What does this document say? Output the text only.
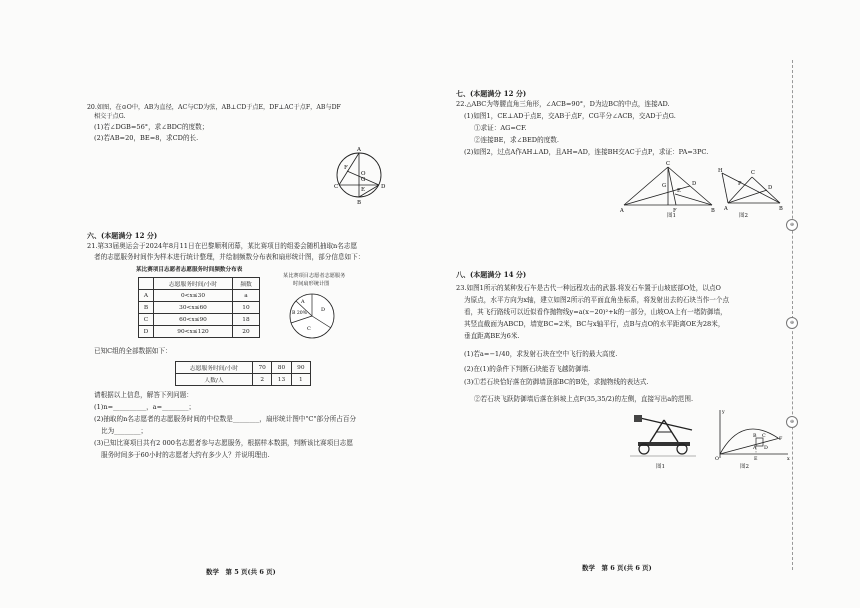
20.如图，在⊙O中，AB为直径，AC与CD为弦，AB⊥CD于点E，DF⊥AC于点F，AB与DF
相交于点G.
(1)若∠DGB=56°，求∠BDC的度数；
(2)若AB=20，BE=8，求CD的长.
C
F
A
O
G
E	D
B
六、(本题满分 12 分)
21.第33届奥运会于2024年8月11日在巴黎顺利闭幕，某比赛项目的组委会随机抽取n名志愿
者的志愿服务时间作为样本进行统计整理，并绘制频数分布表和扇形统计图，部分信息如下：
某比赛项目志愿者志愿服务时间频数分布表
	志愿服务时间/小时	频数
A	0<x≤30	a
B	30<x≤60	10
C	60<x≤90	18
D	90<x≤120	20
某比赛项目志愿者志愿服务
时间扇形统计图
A
B 20%
D
C
已知C组的全部数据如下：
志愿服务时间/小时	70	80	90
人数/人	2	13	1
请根据以上信息，解答下列问题：
(1)n=__________，a=________；
(2)抽取的n名志愿者的志愿服务时间的中位数是________，扇形统计图中"C"部分所占百分
比为________；
(3)已知比赛项目共有2 000名志愿者参与志愿服务，根据样本数据，判断该比赛项目志愿
服务时间多于60小时的志愿者大约有多少人？并说明理由.
数学　第 5 页(共 6 页)
七、(本题满分 12 分)
22.△ABC为等腰直角三角形，∠ACB=90°，D为边BC的中点，连接AD.
(1)如图1，CE⊥AD于点E，交AB于点F，CG平分∠ACB，交AD于点G.
①求证：AG=CF.
②连接BE，求∠BED的度数.
(2)如图2，过点A作AH⊥AD，且AH=AD，连接BH交AC于点P，求证：PA=3PC.
C
G
E
D
A	F	B
图1
H	C
P
D
A	B
图2
八、(本题满分 14 分)
23.如图1所示的某种发石车是古代一种远程攻击的武器.将发石车置于山坡底部O处，以点O
为原点，水平方向为x轴，建立如图2所示的平面直角坐标系，将发射出去的石块当作一个点
看，其飞行路线可以近似看作抛物线y=a(x−20)²+k的一部分，山坡OA上有一堵防御墙，
其竖直截面为ABCD，墙宽BC=2米，BC与x轴平行，点B与点O的水平距离OE为28米，
垂直距离BE为6米.
(1)若a=−1/40，求发射石块在空中飞行的最大高度.
(2)在(1)的条件下判断石块能否飞越防御墙.
(3)①若石块恰好落在防御墙顶部BC的B处，求抛物线的表达式.
②若石块飞跃防御墙后落在斜坡上点F(35,35/2)的左侧，直接写出a的范围.
图1
y
O	E	x
B C
A D
F
图2
数学　第 6 页(共 6 页)
⊕
⊕
⊕
